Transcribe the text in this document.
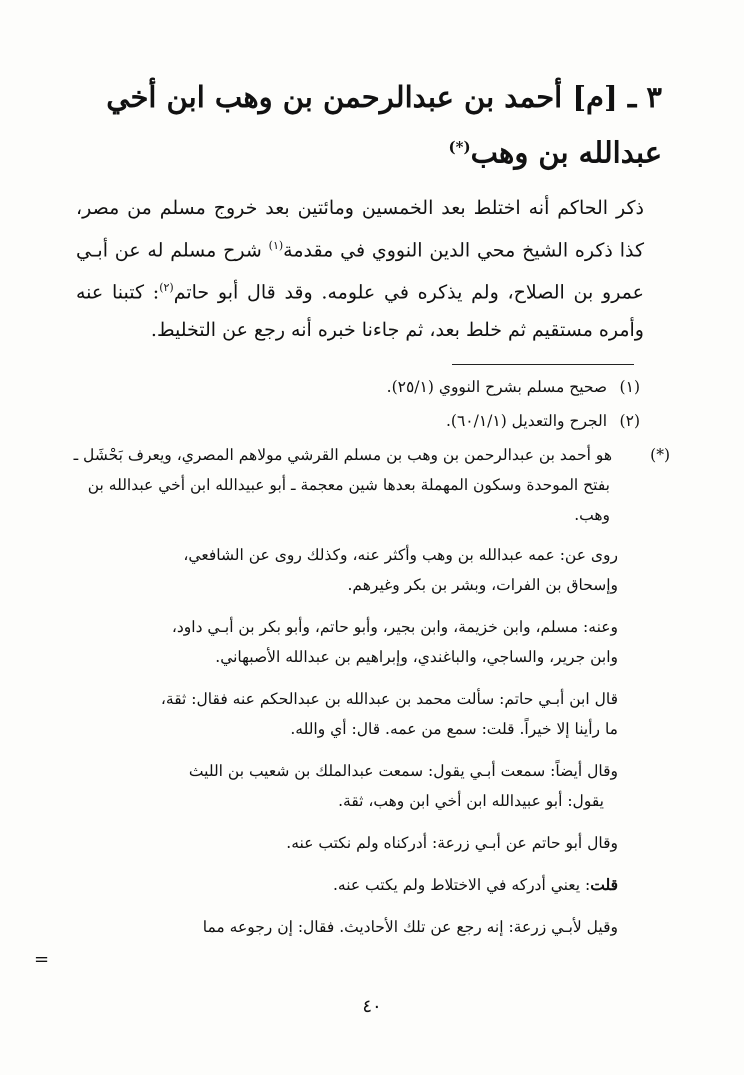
٣ ـ [م] أحمد بن عبدالرحمن بن وهب ابن أخي عبدالله بن وهب(*)

ذكر الحاكم أنه اختلط بعد الخمسين ومائتين بعد خروج مسلم من مصر، كذا ذكره الشيخ محي الدين النووي في مقدمة$^{(١)}$ شرح مسلم له عن أبـي عمرو بن الصلاح، ولم يذكره في علومه. وقد قال أبو حاتم$^{(٢)}$: كتبنا عنه وأمره مستقيم ثم خلط بعد، ثم جاءنا خبره أنه رجع عن التخليط.

(١) صحيح مسلم بشرح النووي (٢٥/١).

(٢) الجرح والتعديل (٦٠/١/١).

(*)هو أحمد بن عبدالرحمن بن وهب بن مسلم القرشي مولاهم المصري، ويعرف بَحْشَل ـ بفتح الموحدة وسكون المهملة بعدها شين معجمة ـ أبو عبيدالله ابن أخي عبدالله بن وهب.

روى عن: عمه عبدالله بن وهب وأكثر عنه، وكذلك روى عن الشافعي،

وإسحاق بن الفرات، وبشر بن بكر وغيرهم.

وعنه: مسلم، وابن خزيمة، وابن بجير، وأبو حاتم، وأبو بكر بن أبـي داود،

وابن جرير، والساجي، والباغندي، وإبراهيم بن عبدالله الأصبهاني.

قال ابن أبـي حاتم: سألت محمد بن عبدالله بن عبدالحكم عنه فقال: ثقة،

ما رأينا إلا خيراً. قلت: سمع من عمه. قال: أي والله.

وقال أيضاً: سمعت أبـي يقول: سمعت عبدالملك بن شعيب بن الليث

يقول: أبو عبيدالله ابن أخي ابن وهب، ثقة.

وقال أبو حاتم عن أبـي زرعة: أدركناه ولم نكتب عنه.

قلت: يعني أدركه في الاختلاط ولم يكتب عنه.

وقيل لأبـي زرعة: إنه رجع عن تلك الأحاديث. فقال: إن رجوعه مما

=
٤٠
